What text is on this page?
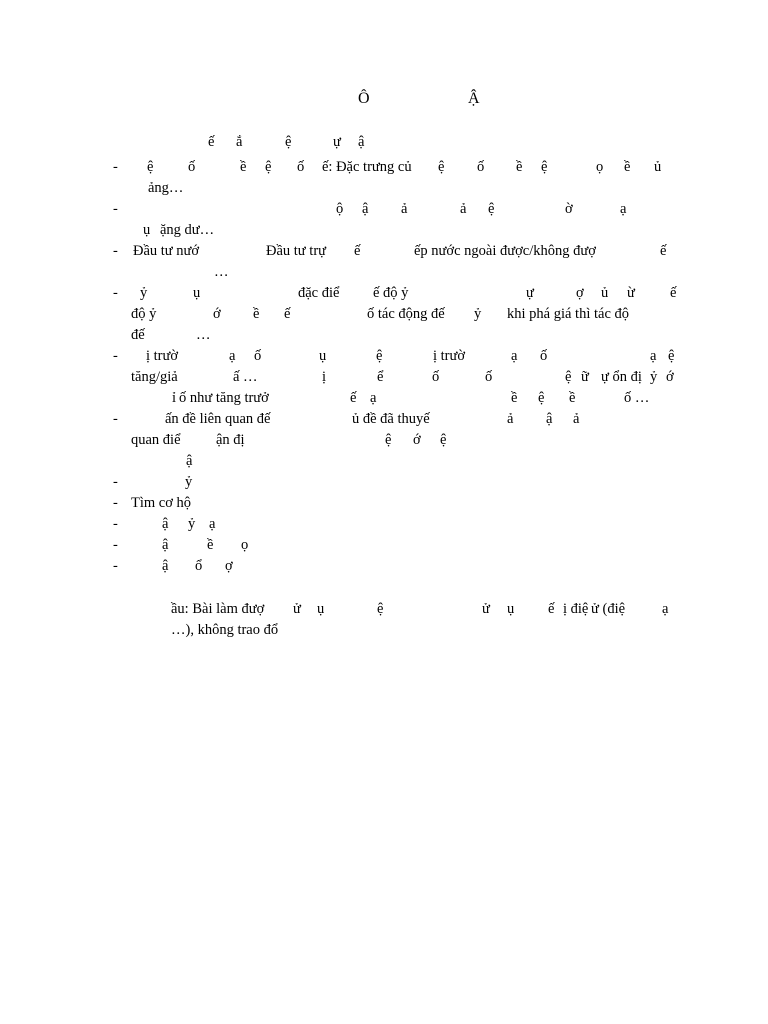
Ô	Ậ
ế ắ	ệ	ự ậ
- ệ ố	ề ệ ố ế: Đặc trưng củ ệ ố ề ệ	ọ ề ủ
ảng…
-	ộ ậ ả	ả ệ	ờ	ạ
ụ ặng dư…
- Đầu tư nướ	Đầu tư trự ế	ếp nước ngoài được/không đượ	ế
…
- ỷ	ụ	đặc điể ế độ ỷ	ự	ợ ủ ừ ế
độ ỷ	ớ ề ế	ố tác động đế ỷ khi phá giá thì tác độ
đế	…
- ị trườ	ạ ố	ụ	ệ	ị trườ	ạ ố	ạ ệ
tăng/giả	ấ …	ị	ể	ố	ố	ệ ữ ự ổn đị ỷ ớ
ỉ ố như tăng trưở	ế ạ	ề ệ ề	ố …
-	ấn đề liên quan đế	ủ đề đã thuyế	ả ậ ả
quan điể ận đị	ệ ớ ệ
ậ
-	ỷ
- Tìm cơ hộ
-	ậ ỷ ạ
-	ậ	ề ọ
-	ậ ổ ợ
ầu: Bài làm đượ ử ụ	ệ	ử ụ ế ị điệ ử (điệ	ạ
…), không trao đổ
